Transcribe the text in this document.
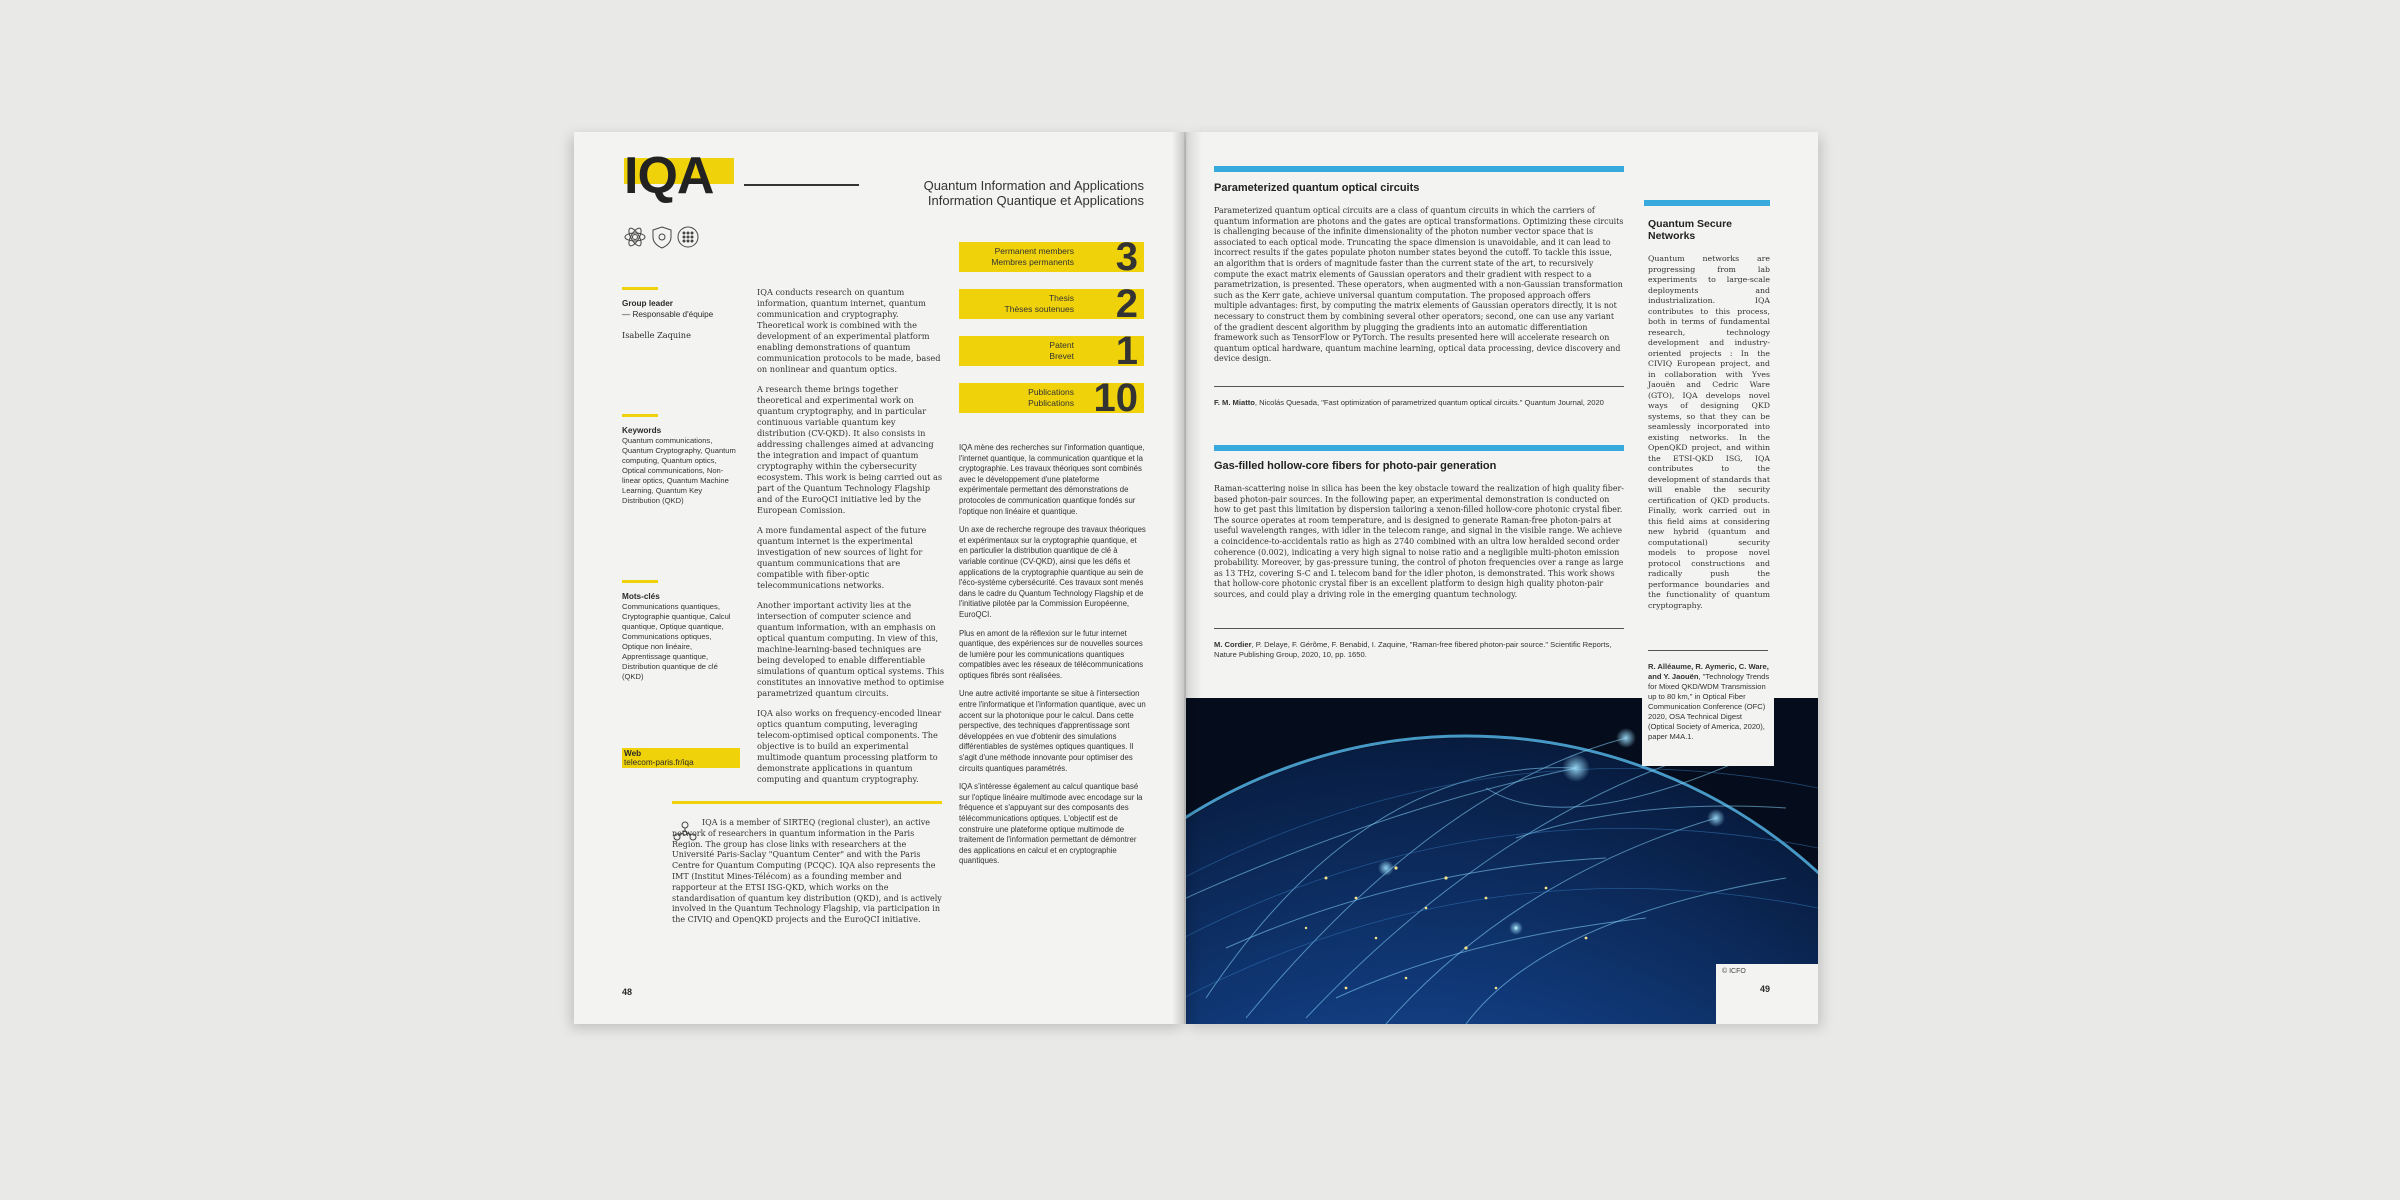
IQA	Quantum Information and Applications
Information Quantique et Applications
Group leader
— Responsable d'équipe
Isabelle Zaquine
Keywords
Quantum communications, Quantum Cryptography, Quantum computing, Quantum optics, Optical communications, Non-linear optics, Quantum Machine Learning, Quantum Key Distribution (QKD)
Mots-clés
Communications quantiques, Cryptographie quantique, Calcul quantique, Optique quantique, Communications optiques, Optique non linéaire, Apprentissage quantique, Distribution quantique de clé (QKD)
Web
telecom-paris.fr/iqa

IQA conducts research on quantum information, quantum internet, quantum communication and cryptography. Theoretical work is combined with the development of an experimental platform enabling demonstrations of quantum communication protocols to be made, based on nonlinear and quantum optics.

A research theme brings together theoretical and experimental work on quantum cryptography, and in particular continuous variable quantum key distribution (CV-QKD). It also consists in addressing challenges aimed at advancing the integration and impact of quantum cryptography within the cybersecurity ecosystem. This work is being carried out as part of the Quantum Technology Flagship and of the EuroQCI initiative led by the European Comission.

A more fundamental aspect of the future quantum internet is the experimental investigation of new sources of light for quantum communications that are compatible with fiber-optic telecommunications networks.

Another important activity lies at the intersection of computer science and quantum information, with an emphasis on optical quantum computing. In view of this, machine-learning-based techniques are being developed to enable differentiable simulations of quantum optical systems. This constitutes an innovative method to optimise parametrized quantum circuits.

IQA also works on frequency-encoded linear optics quantum computing, leveraging telecom-optimised optical components. The objective is to build an experimental multimode quantum processing platform to demonstrate applications in quantum computing and quantum cryptography.

Permanent members
Membres permanents 3
Thesis
Thèses soutenues 2
Patent
Brevet 1
Publications
Publications 10

IQA mène des recherches sur l'information quantique, l'internet quantique, la communication quantique et la cryptographie. Les travaux théoriques sont combinés avec le développement d'une plateforme expérimentale permettant des démonstrations de protocoles de communication quantique fondés sur l'optique non linéaire et quantique.

Un axe de recherche regroupe des travaux théoriques et expérimentaux sur la cryptographie quantique, et en particulier la distribution quantique de clé à variable continue (CV-QKD), ainsi que les défis et applications de la cryptographie quantique au sein de l'éco-système cybersécurité. Ces travaux sont menés dans le cadre du Quantum Technology Flagship et de l'initiative pilotée par la Commission Européenne, EuroQCI.

Plus en amont de la réflexion sur le futur internet quantique, des expériences sur de nouvelles sources de lumière pour les communications quantiques compatibles avec les réseaux de télécommunications optiques fibrés sont réalisées.

Une autre activité importante se situe à l'intersection entre l'informatique et l'information quantique, avec un accent sur la photonique pour le calcul. Dans cette perspective, des techniques d'apprentissage sont développées en vue d'obtenir des simulations différentiables de systèmes optiques quantiques. Il s'agit d'une méthode innovante pour optimiser des circuits quantiques paramétrés.

IQA s'intéresse également au calcul quantique basé sur l'optique linéaire multimode avec encodage sur la fréquence et s'appuyant sur des composants des télécommunications optiques. L'objectif est de construire une plateforme optique multimode de traitement de l'information permettant de démontrer des applications en calcul et en cryptographie quantiques.

IQA is a member of SIRTEQ (regional cluster), an active network of researchers in quantum information in the Paris Region. The group has close links with researchers at the Université Paris-Saclay "Quantum Center" and with the Paris Centre for Quantum Computing (PCQC). IQA also represents the IMT (Institut Mines-Télécom) as a founding member and rapporteur at the ETSI ISG-QKD, which works on the standardisation of quantum key distribution (QKD), and is actively involved in the Quantum Technology Flagship, via participation in the CIVIQ and OpenQKD projects and the EuroQCI initiative.
48
Parameterized quantum optical circuits
Parameterized quantum optical circuits are a class of quantum circuits in which the carriers of quantum information are photons and the gates are optical transformations. Optimizing these circuits is challenging because of the infinite dimensionality of the photon number vector space that is associated to each optical mode. Truncating the space dimension is unavoidable, and it can lead to incorrect results if the gates populate photon number states beyond the cutoff. To tackle this issue, an algorithm that is orders of magnitude faster than the current state of the art, to recursively compute the exact matrix elements of Gaussian operators and their gradient with respect to a parametrization, is presented. These operators, when augmented with a non-Gaussian transformation such as the Kerr gate, achieve universal quantum computation. The proposed approach offers multiple advantages: first, by computing the matrix elements of Gaussian operators directly, it is not necessary to construct them by combining several other operators; second, one can use any variant of the gradient descent algorithm by plugging the gradients into an automatic differentiation framework such as TensorFlow or PyTorch. The results presented here will accelerate research on quantum optical hardware, quantum machine learning, optical data processing, device discovery and device design.
F. M. Miatto, Nicolás Quesada, "Fast optimization of parametrized quantum optical circuits." Quantum Journal, 2020
Gas-filled hollow-core fibers for photo-pair generation
Raman-scattering noise in silica has been the key obstacle toward the realization of high quality fiber-based photon-pair sources. In the following paper, an experimental demonstration is conducted on how to get past this limitation by dispersion tailoring a xenon-filled hollow-core photonic crystal fiber. The source operates at room temperature, and is designed to generate Raman-free photon-pairs at useful wavelength ranges, with idler in the telecom range, and signal in the visible range. We achieve a coincidence-to-accidentals ratio as high as 2740 combined with an ultra low heralded second order coherence (0.002), indicating a very high signal to noise ratio and a negligible multi-photon emission probability. Moreover, by gas-pressure tuning, the control of photon frequencies over a range as large as 13 THz, covering S-C and L telecom band for the idler photon, is demonstrated. This work shows that hollow-core photonic crystal fiber is an excellent platform to design high quality photon-pair sources, and could play a driving role in the emerging quantum technology.
M. Cordier, P. Delaye, F. Gérôme, F. Benabid, I. Zaquine, "Raman-free fibered photon-pair source." Scientific Reports, Nature Publishing Group, 2020, 10, pp. 1650.
Quantum Secure Networks
Quantum networks are progressing from lab experiments to large-scale deployments and industrialization. IQA contributes to this process, both in terms of fundamental research, technology development and industry-oriented projects : In the CIVIQ European project, and in collaboration with Yves Jaouën and Cedric Ware (GTO), IQA develops novel ways of designing QKD systems, so that they can be seamlessly incorporated into existing networks. In the OpenQKD project, and within the ETSI-QKD ISG, IQA contributes to the development of standards that will enable the security certification of QKD products. Finally, work carried out in this field aims at considering new hybrid (quantum and computational) security models to propose novel protocol constructions and radically push the performance boundaries and the functionality of quantum cryptography.
R. Alléaume, R. Aymeric, C. Ware, and Y. Jaouën, "Technology Trends for Mixed QKD/WDM Transmission up to 80 km," in Optical Fiber Communication Conference (OFC) 2020, OSA Technical Digest (Optical Society of America, 2020), paper M4A.1.
© ICFO
49
